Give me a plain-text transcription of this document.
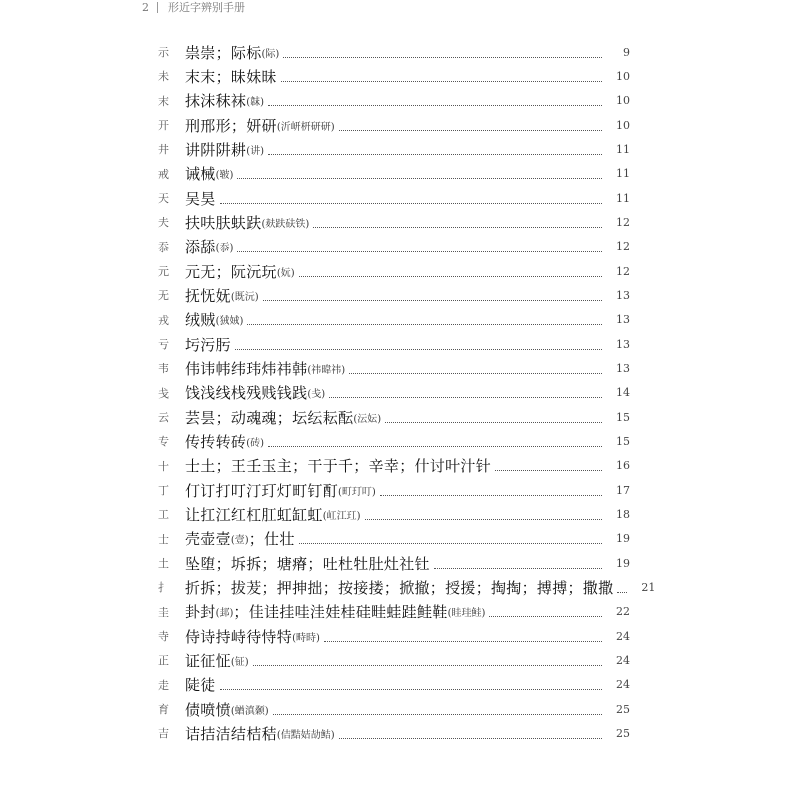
2 形近字辨别手册
示	祟崇；际标 (际)	9
未	末末；昧妹昧	10
末	抹沫秣袜 (韎)	10
开	刑邢形；妍研 (沂岍枅研研)	10
井	讲阱阱耕 (讲)	11
戒	诫械 (皲)	11
天	吴昊	11
夫	扶呋肤蚨趺 (麸趺砆铁)	12
忝	添舔 (忝)	12
元	元无；阮沅玩 (妧)	12
无	抚怃妩 (既沅)	13
戎	绒贼 (狨娀)	13
亏	圬污肟	13
韦	伟讳帏纬玮炜祎韩 (祎暐祎)	13
戋	饯浅线栈残贱钱践 (戋)	14
云	芸昙；动魂魂；坛纭耘酝 (沄妘)	15
专	传抟转砖 (砖)	15
十	士土；王壬玉主；干于千；辛幸；什讨叶汁针	16
丁	仃订打叮汀玎灯町钉酊 (町玎叮)	17
工	让扛江红杠肛虹缸虹 (屸江玒)	18
士	壳壶壹 (壹) ；仕壮	19
土	坠堕；坼拆；塘瘠；吐杜牡肚灶社钍	19
扌	折拆；拔茇；押抻拙；按接搂；掀撤；授援；掏掏；搏搏；撒撒	21
圭	卦封 (邽) ；佳诖挂哇洼娃桂硅畦蛙跬鲑鞋 (眭珪鲑)	22
寺	侍诗持峙待恃特 (畤時)	24
正	证征怔 (钲)	24
走	陡徒	24
育	债喷愤 (蝤滇颡)	25
吉	诘拮洁结桔秸 (佶黠姞劼鲒)	25
